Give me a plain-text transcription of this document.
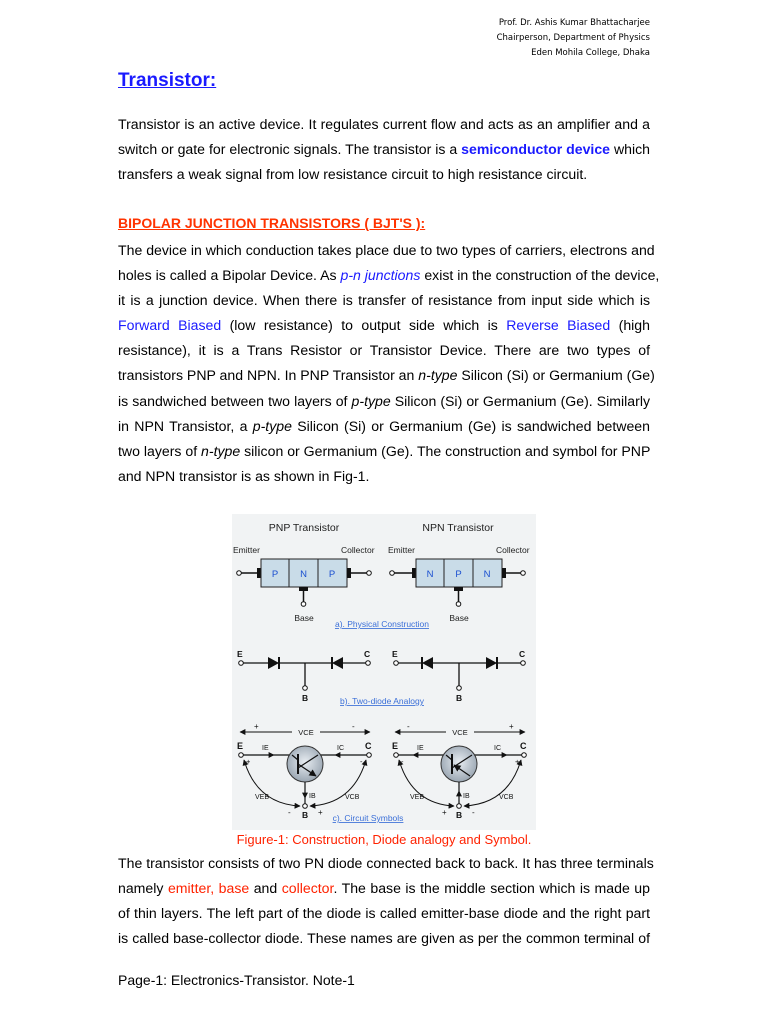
Prof. Dr. Ashis Kumar Bhattacharjee
Chairperson, Department of Physics
Eden Mohila College, Dhaka
Transistor:
Transistor is an active device. It regulates current flow and acts as an amplifier and a
switch or gate for electronic signals. The transistor is a semiconductor device which
transfers a weak signal from low resistance circuit to high resistance circuit.
BIPOLAR JUNCTION TRANSISTORS ( BJT'S ):
The device in which conduction takes place due to two types of carriers, electrons and
holes is called a Bipolar Device. As p-n junctions exist in the construction of the device,
it is a junction device. When there is transfer of resistance from input side which is
Forward Biased (low resistance) to output side which is Reverse Biased (high
resistance), it is a Trans Resistor or Transistor Device. There are two types of
transistors PNP and NPN. In PNP Transistor an n-type Silicon (Si) or Germanium (Ge)
is sandwiched between two layers of p-type Silicon (Si) or Germanium (Ge). Similarly
in NPN Transistor, a p-type Silicon (Si) or Germanium (Ge) is sandwiched between
two layers of n-type silicon or Germanium (Ge). The construction and symbol for PNP
and NPN transistor is as shown in Fig-1.
PNP Transistor	NPN Transistor
Emitter	Collector Emitter	Collector
P N P
Base
N P N
Base
a). Physical Construction
E	C
B
E	C
B
b). Two-diode Analogy
+	-
VCE
E	C
IE	IC
IB
+	-
VEB	VCB
-	+
B
-	+
VCE
E	C
IE	IC
IB
-	+
VEB	VCB
+	-
B
c). Circuit Symbols
Figure-1: Construction, Diode analogy and Symbol.
The transistor consists of two PN diode connected back to back. It has three terminals
namely emitter, base and collector. The base is the middle section which is made up
of thin layers. The left part of the diode is called emitter-base diode and the right part
is called base-collector diode. These names are given as per the common terminal of
Page-1: Electronics-Transistor. Note-1
